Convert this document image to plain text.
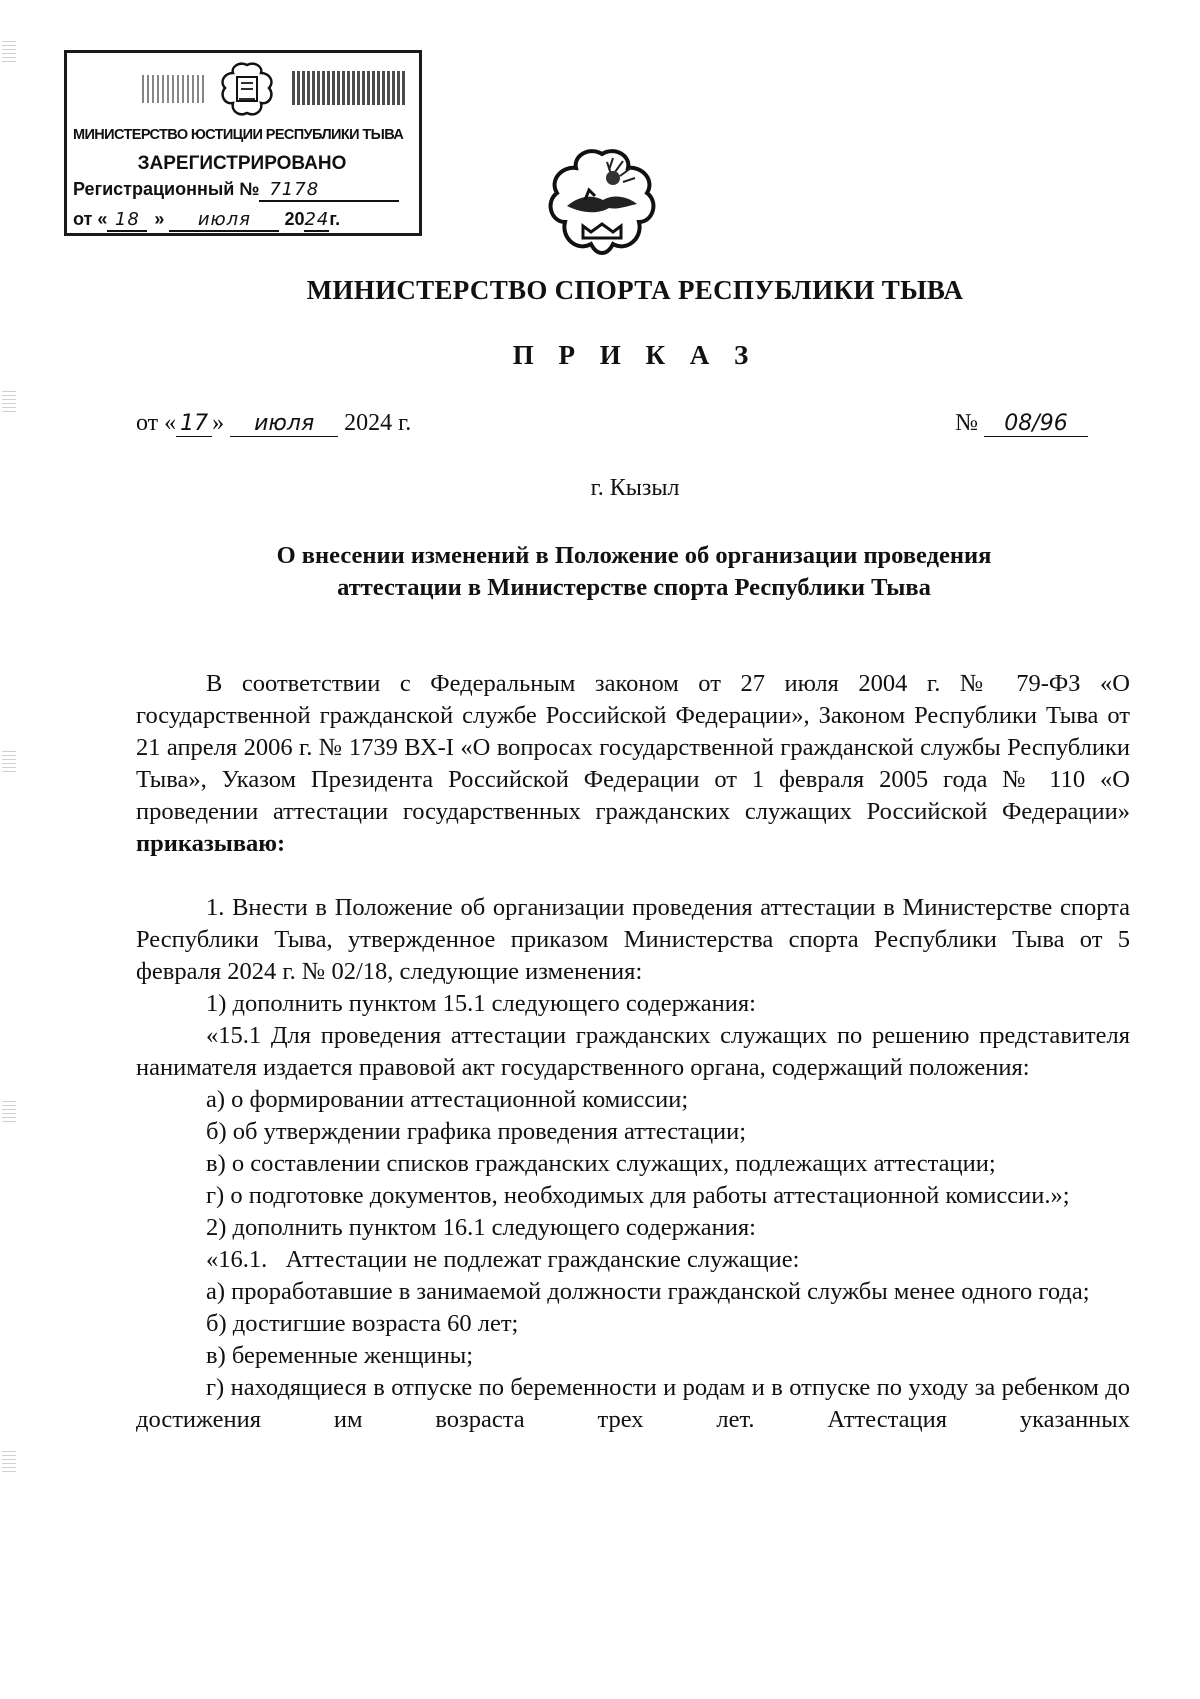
МИНИСТЕРСТВО ЮСТИЦИИ РЕСПУБЛИКИ ТЫВА
ЗАРЕГИСТРИРОВАНО
Регистрационный № 7178
от « 18 » июля 2024г.
МИНИСТЕРСТВО СПОРТА РЕСПУБЛИКИ ТЫВА
П Р И К А З
от « 17 » июля 2024 г.	№ 08/96
г. Кызыл
О внесении изменений в Положение об организации проведения
аттестации в Министерстве спорта Республики Тыва

В соответствии с Федеральным законом от 27 июля 2004 г. № 79-ФЗ «О государственной гражданской службе Российской Федерации», Законом Республики Тыва от 21 апреля 2006 г. № 1739 ВХ-I «О вопросах государственной гражданской службы Республики Тыва», Указом Президента Российской Федерации от 1 февраля 2005 года № 110 «О проведении аттестации государственных гражданских служащих Российской Федерации» приказываю:

1. Внести в Положение об организации проведения аттестации в Министерстве спорта Республики Тыва, утвержденное приказом Министерства спорта Республики Тыва от 5 февраля 2024 г. № 02/18, следующие изменения:

1) дополнить пунктом 15.1 следующего содержания:

«15.1 Для проведения аттестации гражданских служащих по решению представителя нанимателя издается правовой акт государственного органа, содержащий положения:

а) о формировании аттестационной комиссии;

б) об утверждении графика проведения аттестации;

в) о составлении списков гражданских служащих, подлежащих аттестации;

г) о подготовке документов, необходимых для работы аттестационной комиссии.»;

2) дополнить пунктом 16.1 следующего содержания:

«16.1.   Аттестации не подлежат гражданские служащие:

а) проработавшие в занимаемой должности гражданской службы менее одного года;

б) достигшие возраста 60 лет;

в) беременные женщины;

г) находящиеся в отпуске по беременности и родам и в отпуске по уходу за ребенком до достижения им возраста трех лет. Аттестация указанных
